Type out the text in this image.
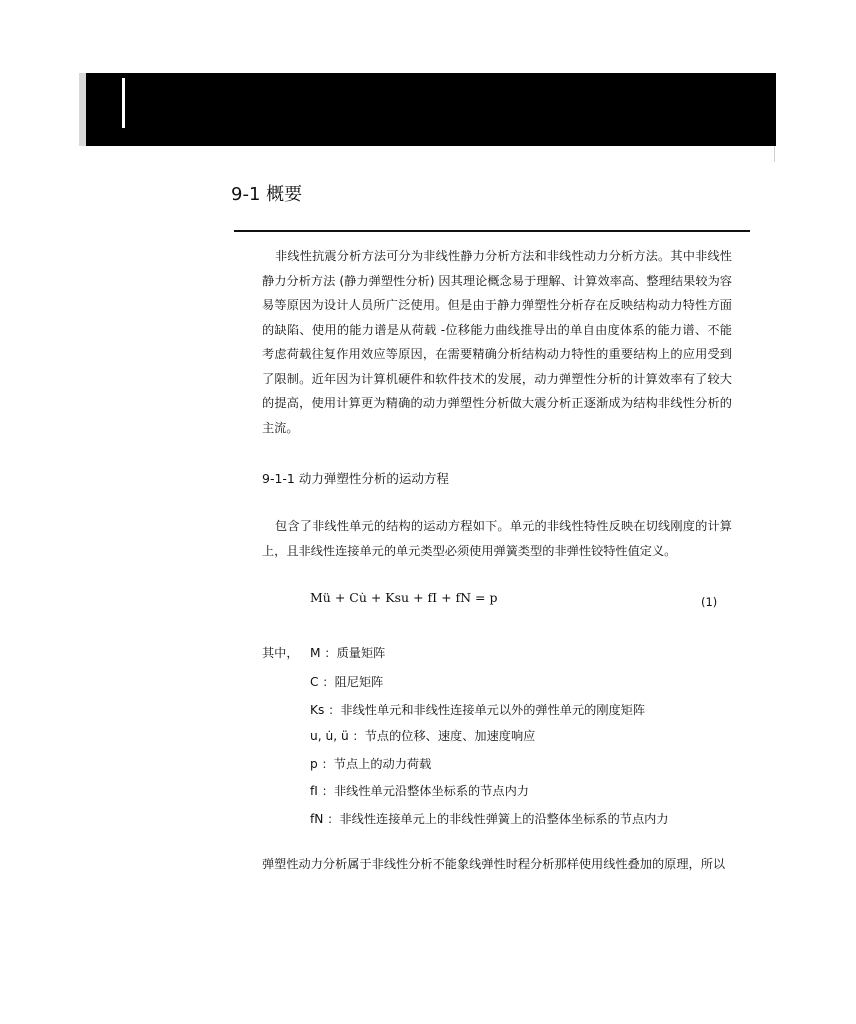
9-1 概要

非线性抗震分析方法可分为非线性静力分析方法和非线性动力分析方法。其中非线性静力分析方法 (静力弹塑性分析) 因其理论概念易于理解、计算效率高、整理结果较为容易等原因为设计人员所广泛使用。但是由于静力弹塑性分析存在反映结构动力特性方面的缺陷、使用的能力谱是从荷载 -位移能力曲线推导出的单自由度体系的能力谱、不能考虑荷载往复作用效应等原因，在需要精确分析结构动力特性的重要结构上的应用受到了限制。近年因为计算机硬件和软件技术的发展，动力弹塑性分析的计算效率有了较大的提高，使用计算更为精确的动力弹塑性分析做大震分析正逐渐成为结构非线性分析的主流。

9-1-1 动力弹塑性分析的运动方程

包含了非线性单元的结构的运动方程如下。单元的非线性特性反映在切线刚度的计算上，且非线性连接单元的单元类型必须使用弹簧类型的非弹性铰特性值定义。

Mü + Cu̇ + Ksu + fI + fN = p	(1)
其中， M ：质量矩阵
C ：阻尼矩阵
Ks ：非线性单元和非线性连接单元以外的弹性单元的刚度矩阵
u, u̇, ü ：节点的位移、速度、加速度响应
p ：节点上的动力荷载
fI ：非线性单元沿整体坐标系的节点内力
fN ：非线性连接单元上的非线性弹簧上的沿整体坐标系的节点内力

弹塑性动力分析属于非线性分析不能象线弹性时程分析那样使用线性叠加的原理，所以
